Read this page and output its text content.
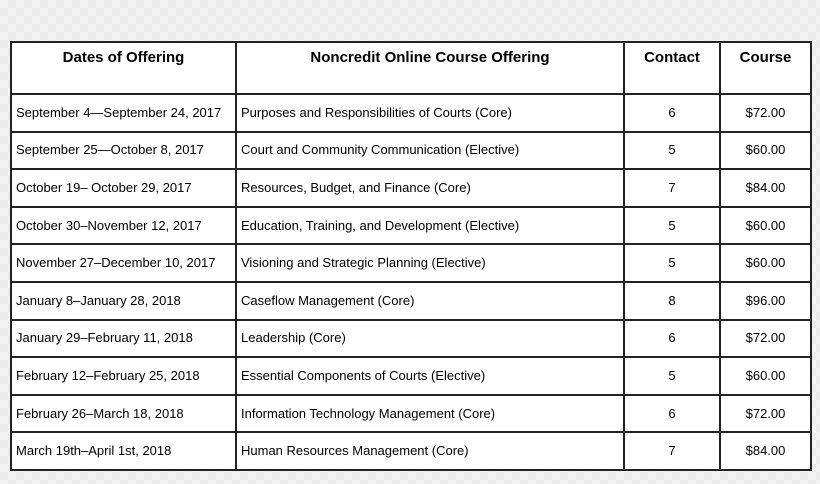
Dates of Offering	Noncredit Online Course Offering	Contact	Course
September 4—September 24, 2017	Purposes and Responsibilities of Courts (Core)	6	$72.00
September 25—October 8, 2017	Court and Community Communication (Elective)	5	$60.00
October 19– October 29, 2017	Resources, Budget, and Finance (Core)	7	$84.00
October 30–November 12, 2017	Education, Training, and Development (Elective)	5	$60.00
November 27–December 10, 2017	Visioning and Strategic Planning (Elective)	5	$60.00
January 8–January 28, 2018	Caseflow Management (Core)	8	$96.00
January 29–February 11, 2018	Leadership (Core)	6	$72.00
February 12–February 25, 2018	Essential Components of Courts (Elective)	5	$60.00
February 26–March 18, 2018	Information Technology Management (Core)	6	$72.00
March 19th–April 1st, 2018	Human Resources Management (Core)	7	$84.00
